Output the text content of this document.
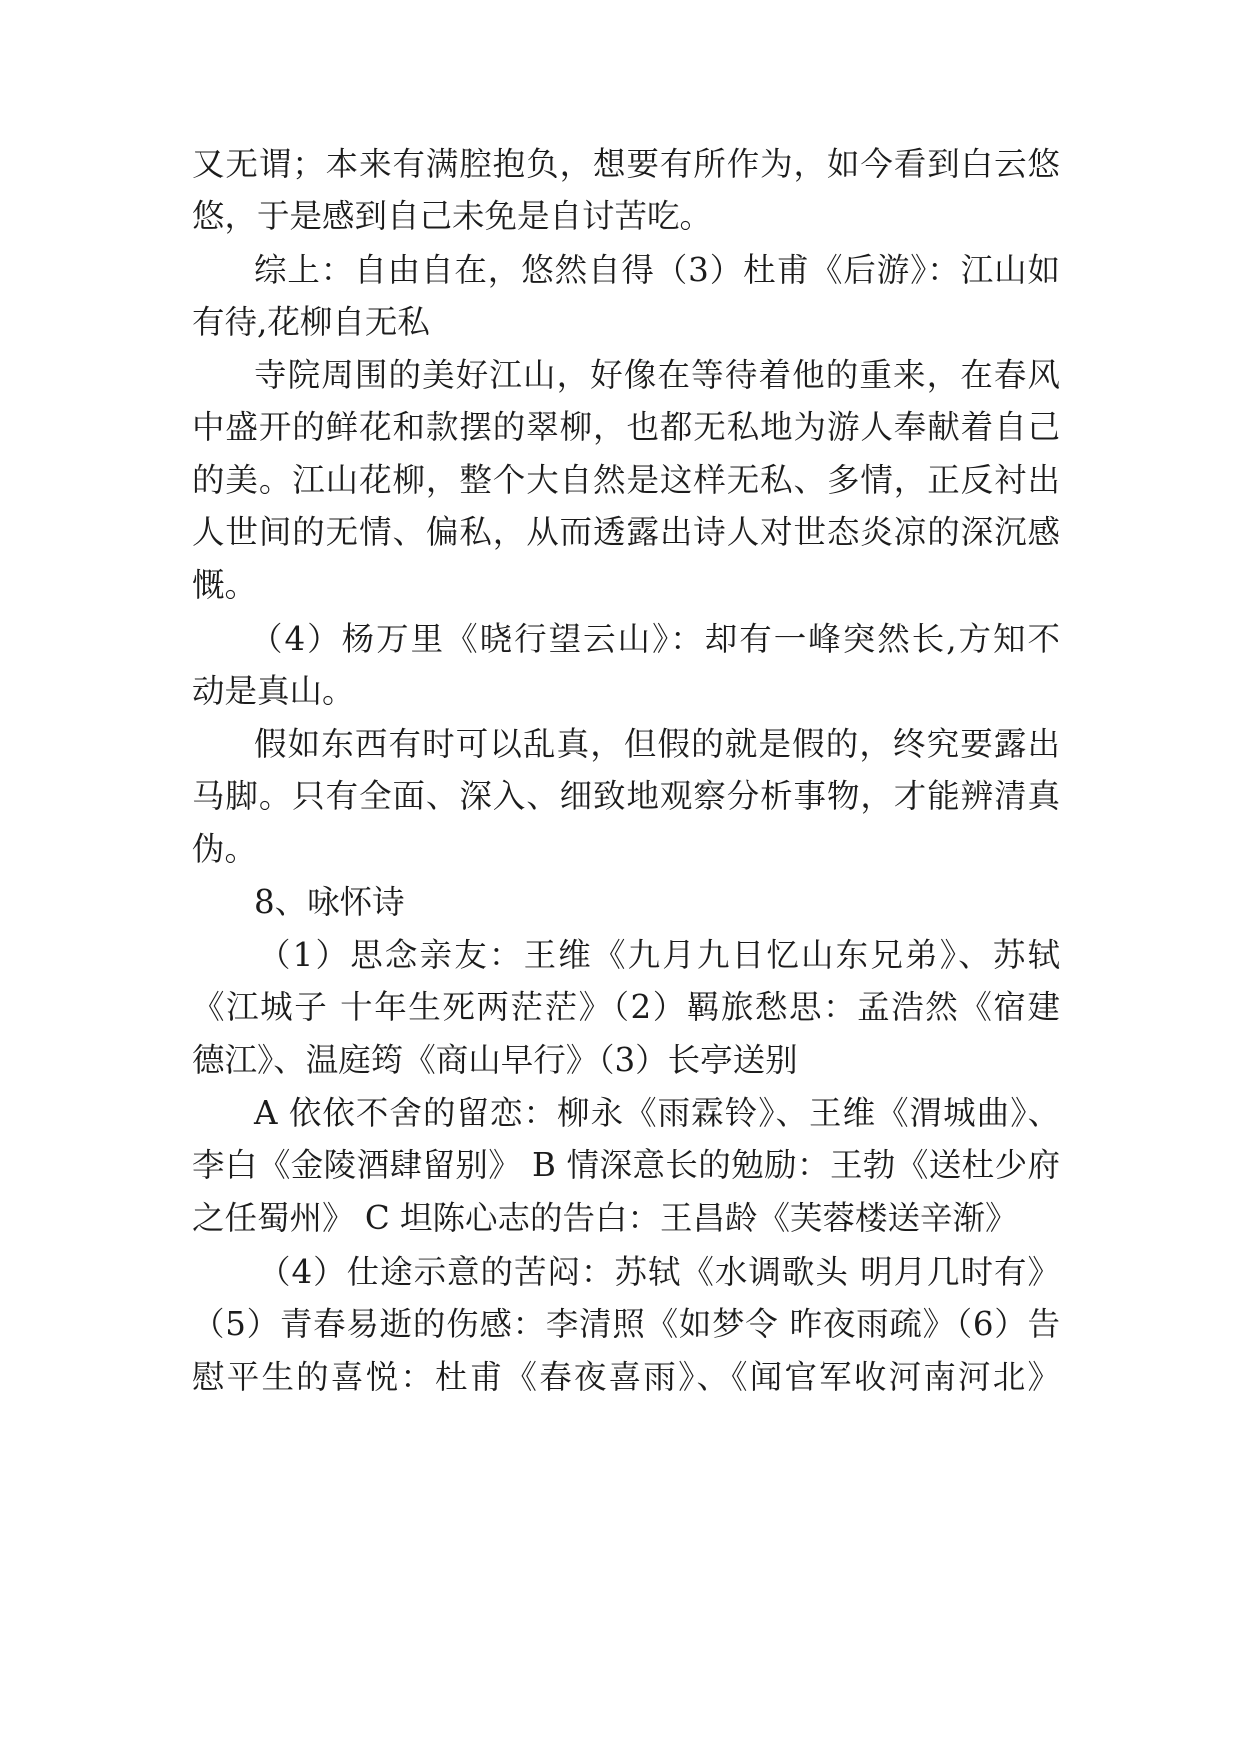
又无谓；本来有满腔抱负，想要有所作为，如今看到白云悠
悠，于是感到自己未免是自讨苦吃。
综上：自由自在，悠然自得（3）杜甫《后游》：江山如
有待,花柳自无私
寺院周围的美好江山，好像在等待着他的重来，在春风
中盛开的鲜花和款摆的翠柳，也都无私地为游人奉献着自己
的美。江山花柳，整个大自然是这样无私、多情，正反衬出
人世间的无情、偏私，从而透露出诗人对世态炎凉的深沉感
慨。
（4）杨万里《晓行望云山》：却有一峰突然长,方知不
动是真山。
假如东西有时可以乱真，但假的就是假的，终究要露出
马脚。只有全面、深入、细致地观察分析事物，才能辨清真
伪。
8、咏怀诗
（1）思念亲友：王维《九月九日忆山东兄弟》、苏轼
《江城子 十年生死两茫茫》（2）羁旅愁思：孟浩然《宿建
德江》、温庭筠《商山早行》（3）长亭送别
A 依依不舍的留恋：柳永《雨霖铃》、王维《渭城曲》、
李白《金陵酒肆留别》 B 情深意长的勉励：王勃《送杜少府
之任蜀州》 C 坦陈心志的告白：王昌龄《芙蓉楼送辛渐》
（4）仕途示意的苦闷：苏轼《水调歌头 明月几时有》
（5）青春易逝的伤感：李清照《如梦令 昨夜雨疏》（6）告
慰平生的喜悦：杜甫《春夜喜雨》、《闻官军收河南河北》
